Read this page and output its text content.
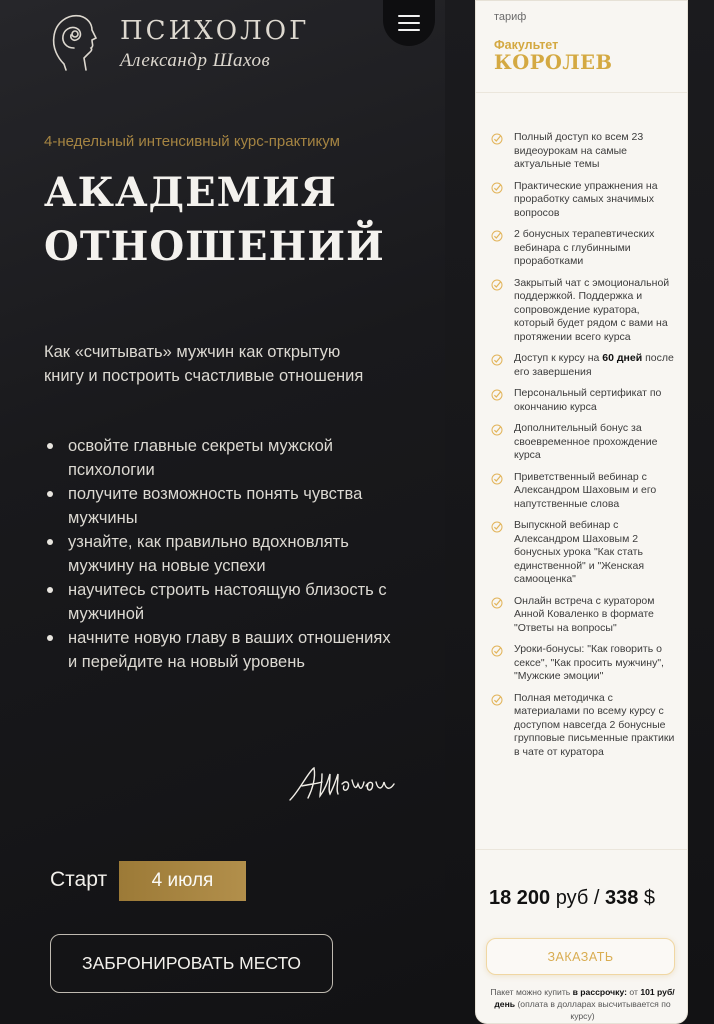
ПСИХОЛОГ
Александр Шахов
4-недельный интенсивный курс-практикум
АКАДЕМИЯ
ОТНОШЕНИЙ

Как «считывать» мужчин как открытую книгу и построить счастливые отношения

освойте главные секреты мужской психологии
получите возможность понять чувства мужчины
узнайте, как правильно вдохновлять мужчину на новые успехи
научитесь строить настоящую близость с мужчиной
начните новую главу в ваших отношениях и перейдите на новый уровень
Старт	4 июля
ЗАБРОНИРОВАТЬ МЕСТО
тариф
Факультет
КОРОЛЕВ
Полный доступ ко всем 23 видеоурокам на самые актуальные темы
Практические упражнения на проработку самых значимых вопросов
2 бонусных терапевтических вебинара с глубинными проработками
Закрытый чат с эмоциональной поддержкой. Поддержка и сопровождение куратора, который будет рядом с вами на протяжении всего курса
Доступ к курсу на 60 дней после его завершения
Персональный сертификат по окончанию курса
Дополнительный бонус за своевременное прохождение курса
Приветственный вебинар с Александром Шаховым и его напутственные слова
Выпускной вебинар с Александром Шаховым 2 бонусных урока "Как стать единственной" и "Женская самооценка"
Онлайн встреча с куратором Анной Коваленко в формате "Ответы на вопросы"
Уроки-бонусы: "Как говорить о сексе", "Как просить мужчину", "Мужские эмоции"
Полная методичка с материалами по всему курсу с доступом навсегда 2 бонусные групповые письменные практики в чате от куратора
18 200 руб / 338 $
ЗАКАЗАТЬ
Пакет можно купить в рассрочку: от 101 руб/день (оплата в долларах высчитывается по курсу)
